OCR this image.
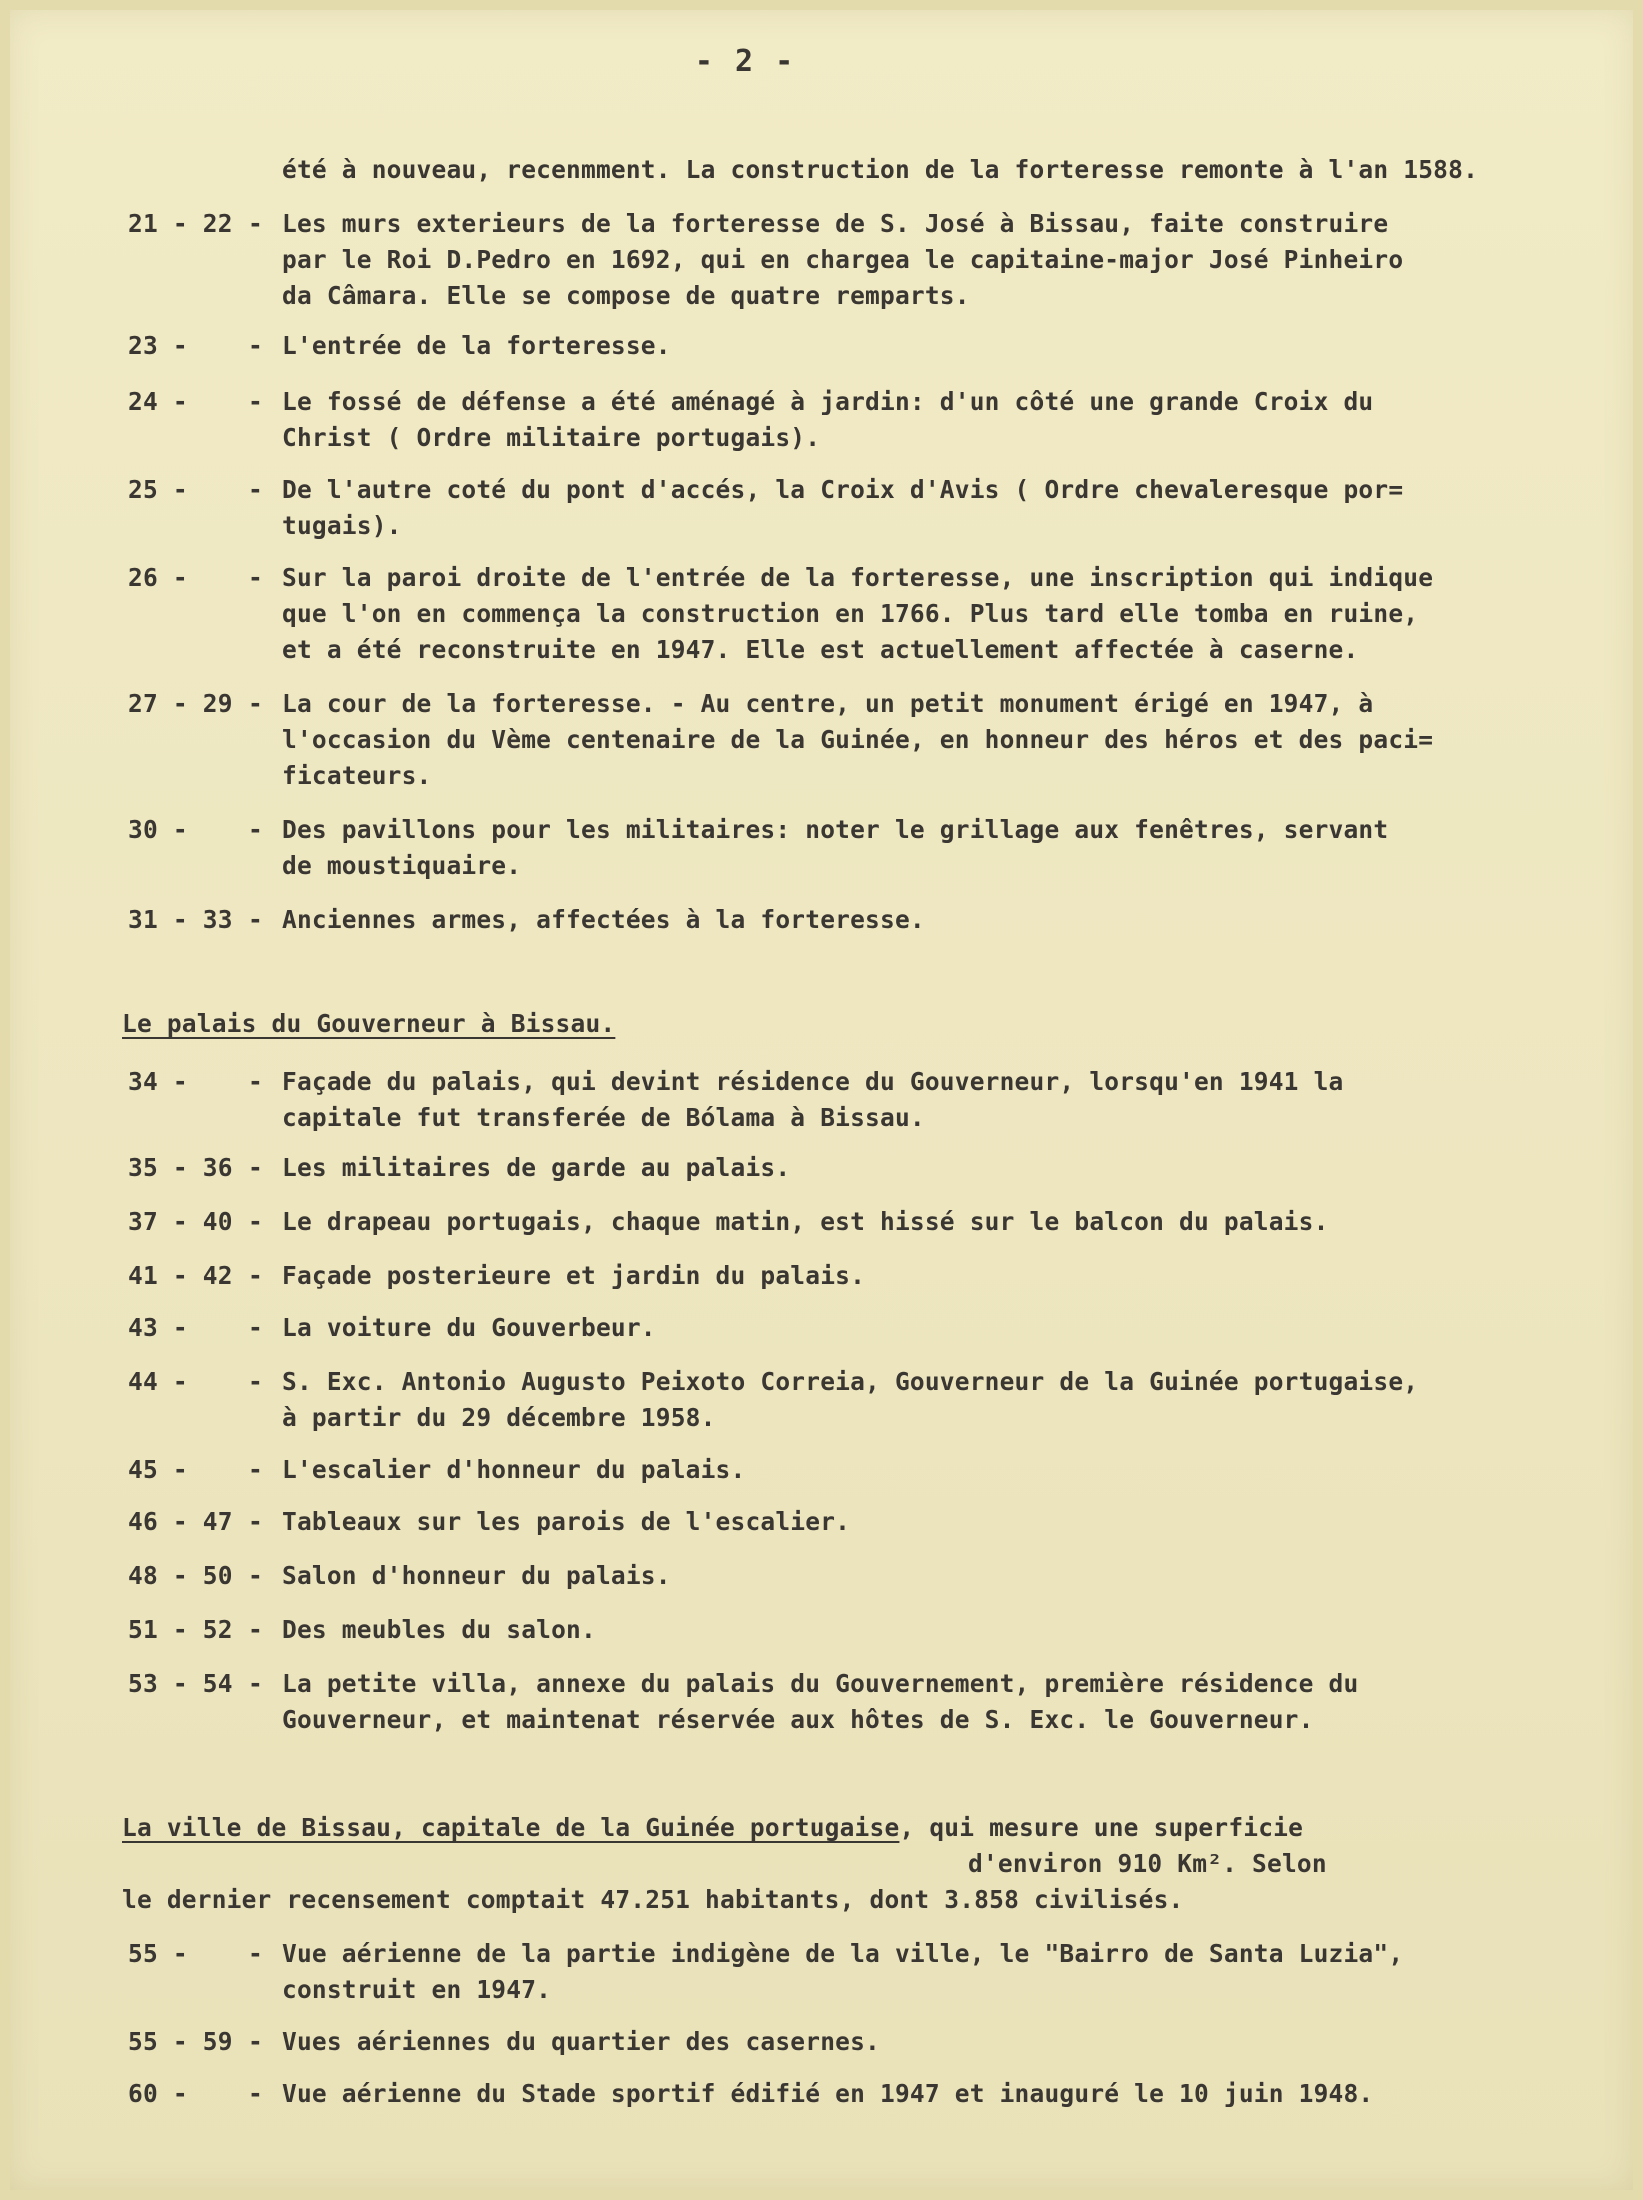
- 2 -
été à nouveau, recenmment. La construction de la forteresse remonte à l'an 1588.
21 - 22 - Les murs exterieurs de la forteresse de S. José à Bissau, faite construire
par le Roi D.Pedro en 1692, qui en chargea le capitaine-major José Pinheiro
da Câmara. Elle se compose de quatre remparts.
23 -	- L'entrée de la forteresse.
24 -	- Le fossé de défense a été aménagé à jardin: d'un côté une grande Croix du
Christ ( Ordre militaire portugais).
25 -	- De l'autre coté du pont d'accés, la Croix d'Avis ( Ordre chevaleresque por=
tugais).
26 -	- Sur la paroi droite de l'entrée de la forteresse, une inscription qui indique
que l'on en commença la construction en 1766. Plus tard elle tomba en ruine,
et a été reconstruite en 1947. Elle est actuellement affectée à caserne.
27 - 29 - La cour de la forteresse. - Au centre, un petit monument érigé en 1947, à
l'occasion du Vème centenaire de la Guinée, en honneur des héros et des paci=
ficateurs.
30 -	- Des pavillons pour les militaires: noter le grillage aux fenêtres, servant
de moustiquaire.
31 - 33 - Anciennes armes, affectées à la forteresse.
Le palais du Gouverneur à Bissau.
34 -	- Façade du palais, qui devint résidence du Gouverneur, lorsqu'en 1941 la
capitale fut transferée de Bólama à Bissau.
35 - 36 - Les militaires de garde au palais.
37 - 40 - Le drapeau portugais, chaque matin, est hissé sur le balcon du palais.
41 - 42 - Façade posterieure et jardin du palais.
43 -	- La voiture du Gouverbeur.
44 -	- S. Exc. Antonio Augusto Peixoto Correia, Gouverneur de la Guinée portugaise,
à partir du 29 décembre 1958.
45 -	- L'escalier d'honneur du palais.
46 - 47 - Tableaux sur les parois de l'escalier.
48 - 50 - Salon d'honneur du palais.
51 - 52 - Des meubles du salon.
53 - 54 - La petite villa, annexe du palais du Gouvernement, première résidence du
Gouverneur, et maintenat réservée aux hôtes de S. Exc. le Gouverneur.
La ville de Bissau, capitale de la Guinée portugaise, qui mesure une superficie
d'environ 910 Km². Selon
le dernier recensement comptait 47.251 habitants, dont 3.858 civilisés.
55 -	- Vue aérienne de la partie indigène de la ville, le "Bairro de Santa Luzia",
construit en 1947.
55 - 59 - Vues aériennes du quartier des casernes.
60 -	- Vue aérienne du Stade sportif édifié en 1947 et inauguré le 10 juin 1948.
